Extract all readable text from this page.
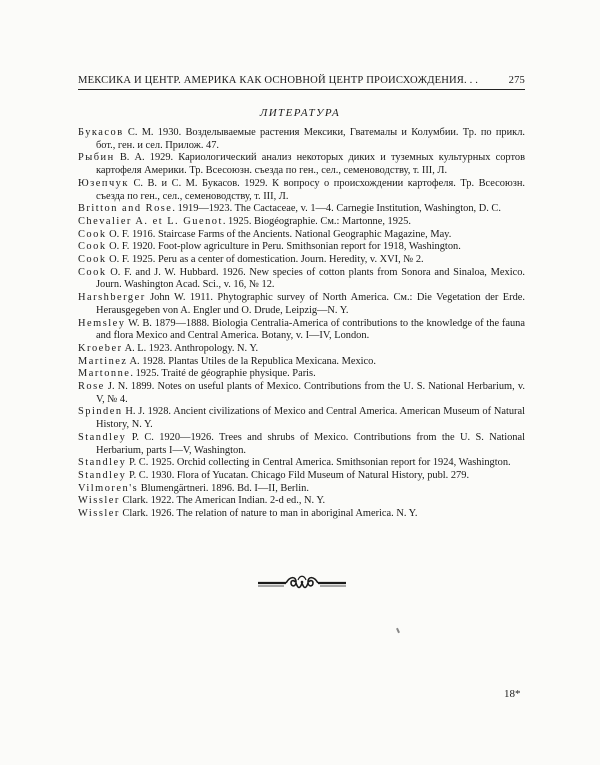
МЕКСИКА И ЦЕНТР. АМЕРИКА КАК ОСНОВНОЙ ЦЕНТР ПРОИСХОЖДЕНИЯ. . .	275
ЛИТЕРАТУРА
Букасов С. М. 1930. Возделываемые растения Мексики, Гватемалы и Колумбии. Тр. по прикл. бот., ген. и сел. Прилож. 47.
Рыбин В. А. 1929. Кариологический анализ некоторых диких и туземных культурных сортов картофеля Америки. Тр. Всесоюзн. съезда по ген., сел., семеноводству, т. III, Л.
Юзепчук С. В. и С. М. Букасов. 1929. К вопросу о происхождении картофеля. Тр. Всесоюзн. съезда по ген., сел., семеноводству, т. III, Л.
Britton and Rose. 1919—1923. The Cactaceae, v. 1—4. Carnegie Institution, Washington, D. C.
Chevalier A. et L. Guenot. 1925. Biogéographie. См.: Martonne, 1925.
Cook O. F. 1916. Staircase Farms of the Ancients. National Geographic Magazine, May.
Cook O. F. 1920. Foot-plow agriculture in Peru. Smithsonian report for 1918, Washington.
Cook O. F. 1925. Peru as a center of domestication. Journ. Heredity, v. XVI, № 2.
Cook O. F. and J. W. Hubbard. 1926. New species of cotton plants from Sonora and Sinaloa, Mexico. Journ. Washington Acad. Sci., v. 16, № 12.
Harshberger John W. 1911. Phytographic survey of North America. См.: Die Vegetation der Erde. Herausgegeben von A. Engler und O. Drude, Leipzig—N. Y.
Hemsley W. B. 1879—1888. Biologia Centralia-America of contributions to the knowledge of the fauna and flora Mexico and Central America. Botany, v. I—IV, London.
Kroeber A. L. 1923. Anthropology. N. Y.
Martinez A. 1928. Plantas Utiles de la Republica Mexicana. Mexico.
Martonne. 1925. Traité de géographie physique. Paris.
Rose J. N. 1899. Notes on useful plants of Mexico. Contributions from the U. S. National Herbarium, v. V, № 4.
Spinden H. J. 1928. Ancient civilizations of Mexico and Central America. American Museum of Natural History, N. Y.
Standley P. C. 1920—1926. Trees and shrubs of Mexico. Contributions from the U. S. National Herbarium, parts I—V, Washington.
Standley P. C. 1925. Orchid collecting in Central America. Smithsonian report for 1924, Washington.
Standley P. C. 1930. Flora of Yucatan. Chicago Fild Museum of Natural History, publ. 279.
Vilmoren's Blumengärtneri. 1896. Bd. I—II, Berlin.
Wissler Clark. 1922. The American Indian. 2-d ed., N. Y.
Wissler Clark. 1926. The relation of nature to man in aboriginal America. N. Y.
18*
